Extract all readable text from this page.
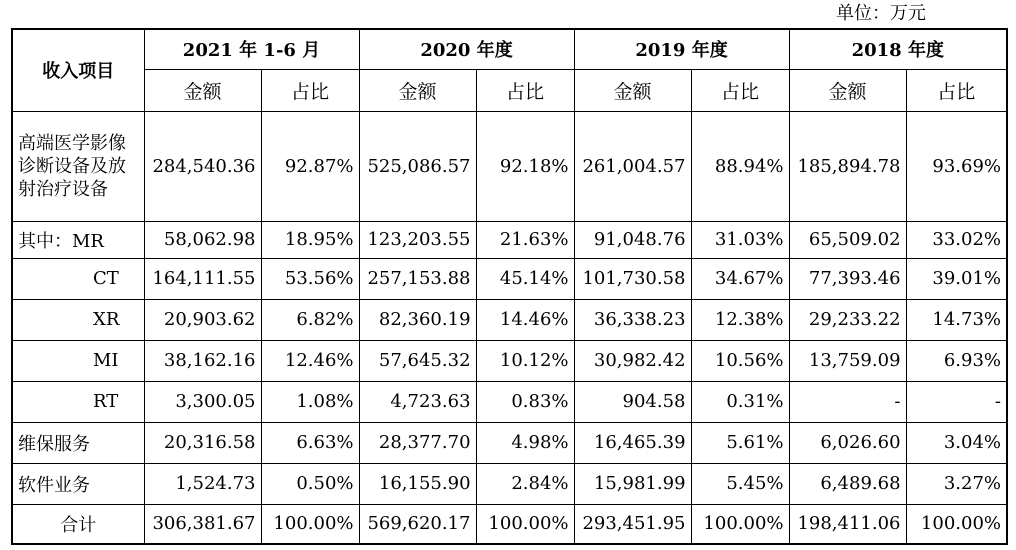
单位：万元
收入项目	2021 年 1-6 月		2020 年度		2019 年度		2018 年度	
	金额	占比	金额	占比	金额	占比	金额	占比
高端医学影像诊断设备及放射治疗设备	284,540.36	92.87%	525,086.57	92.18%	261,004.57	88.94%	185,894.78	93.69%
其中：MR	58,062.98	18.95%	123,203.55	21.63%	91,048.76	31.03%	65,509.02	33.02%
CT	164,111.55	53.56%	257,153.88	45.14%	101,730.58	34.67%	77,393.46	39.01%
XR	20,903.62	6.82%	82,360.19	14.46%	36,338.23	12.38%	29,233.22	14.73%
MI	38,162.16	12.46%	57,645.32	10.12%	30,982.42	10.56%	13,759.09	6.93%
RT	3,300.05	1.08%	4,723.63	0.83%	904.58	0.31%	-	-
维保服务	20,316.58	6.63%	28,377.70	4.98%	16,465.39	5.61%	6,026.60	3.04%
软件业务	1,524.73	0.50%	16,155.90	2.84%	15,981.99	5.45%	6,489.68	3.27%
合计	306,381.67	100.00%	569,620.17	100.00%	293,451.95	100.00%	198,411.06	100.00%
